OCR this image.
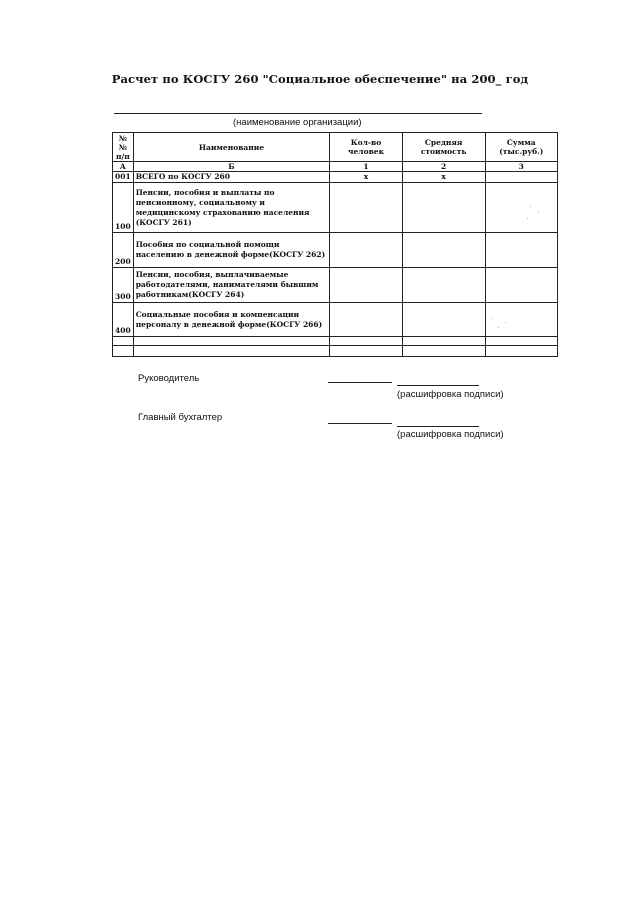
Расчет по КОСГУ 260 "Социальное обеспечение" на 200_ год
(наименование организации)
№№ п/п	Наименование	Кол-во человек	Средняя стоимость	Сумма (тыс.руб.)
А	Б	1	2	3
001	ВСЕГО по КОСГУ 260	х	х	
100	Пенсии, пособия и выплаты по пенсионному, социальному и медицинскому страхованию населения (КОСГУ 261)			
200	Пособия по социальной помощи населению в денежной форме(КОСГУ 262)			
300	Пенсии, пособия, выплачиваемые работодателями, нанимателями бывшим работникам(КОСГУ 264)			
400	Социальные пособия и компенсации персоналу в денежной форме(КОСГУ 266)			

Руководитель
(расшифровка подписи)
Главный бухгалтер
(расшифровка подписи)
